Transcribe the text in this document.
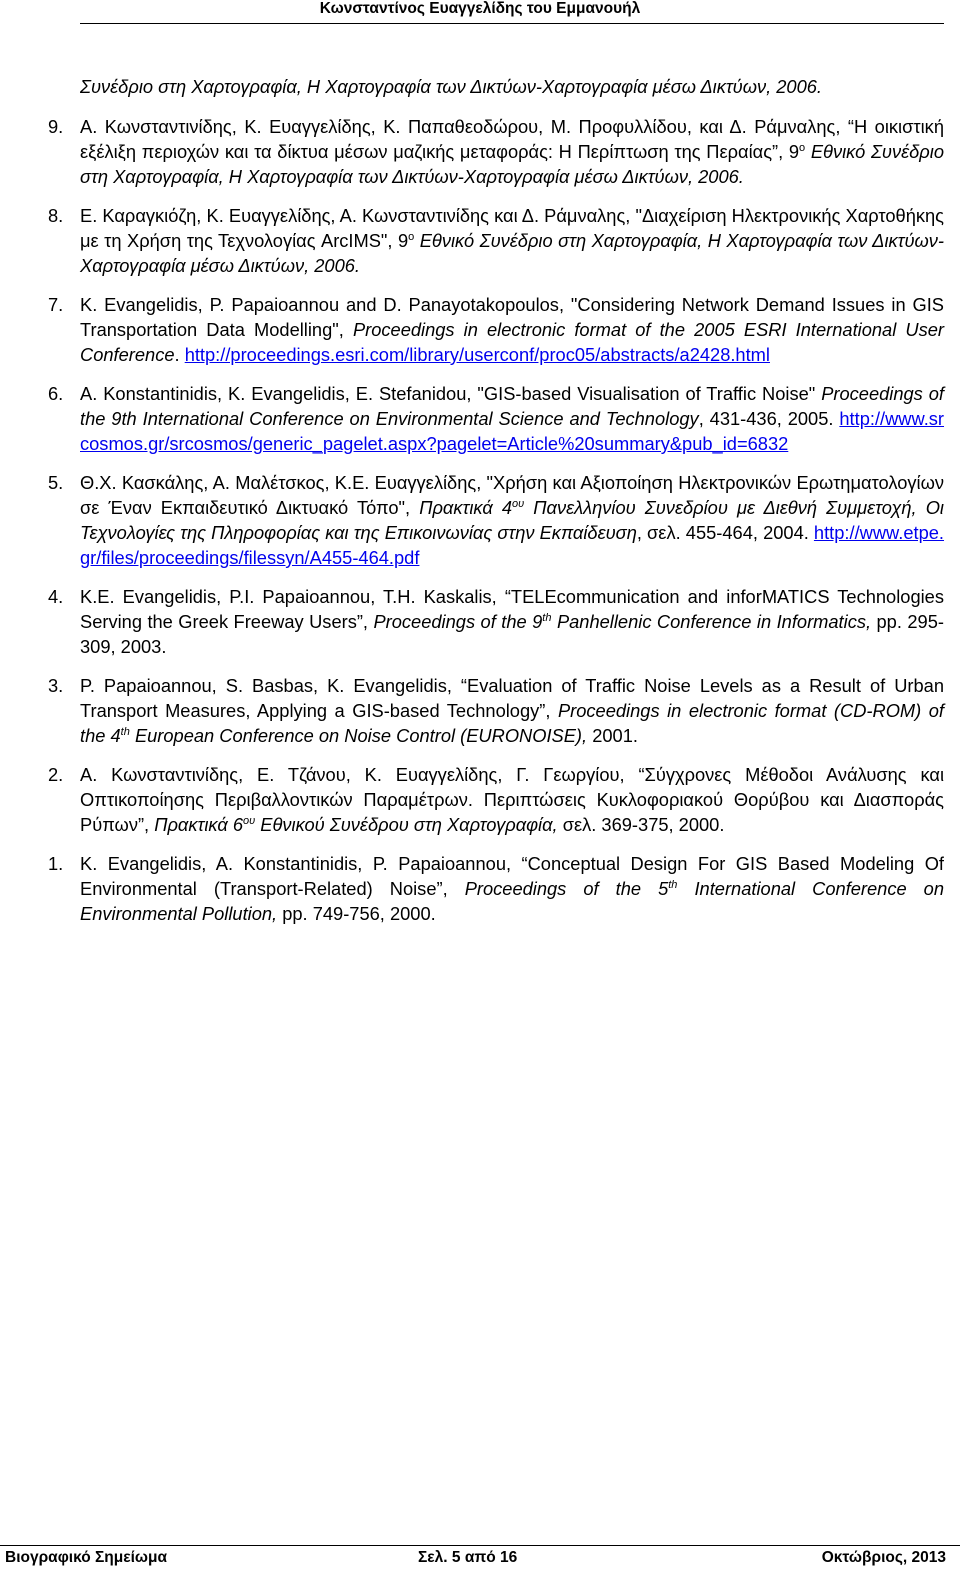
Κωνσταντίνος Ευαγγελίδης του Εμμανουήλ

Συνέδριο στη Χαρτογραφία, Η Χαρτογραφία των Δικτύων-Χαρτογραφία μέσω Δικτύων, 2006.

9. Α. Κωνσταντινίδης, Κ. Ευαγγελίδης, Κ. Παπαθεοδώρου, Μ. Προφυλλίδου, και Δ. Ράμναλης, “Η οικιστική εξέλιξη περιοχών και τα δίκτυα μέσων μαζικής μεταφοράς: Η Περίπτωση της Περαίας”, $9^o$ Εθνικό Συνέδριο στη Χαρτογραφία, Η Χαρτογραφία των Δικτύων-Χαρτογραφία μέσω Δικτύων, 2006.

8. Ε. Καραγκιόζη, Κ. Ευαγγελίδης, Α. Κωνσταντινίδης και Δ. Ράμναλης, "Διαχείριση Ηλεκτρονικής Χαρτοθήκης με τη Χρήση της Τεχνολογίας ArcIMS", $9^o$ Εθνικό Συνέδριο στη Χαρτογραφία, Η Χαρτογραφία των Δικτύων-Χαρτογραφία μέσω Δικτύων, 2006.

7. K. Evangelidis, P. Papaioannou and D. Panayotakopoulos, "Considering Network Demand Issues in GIS Transportation Data Modelling", Proceedings in electronic format of the 2005 ESRI International User Conference. http://proceedings.esri.com/library/userconf/proc05/abstracts/a2428.html

6. A. Konstantinidis, K. Evangelidis, E. Stefanidou, "GIS-based Visualisation of Traffic Noise" Proceedings of the 9th International Conference on Environmental Science and Technology, 431-436, 2005. http://www.srcosmos.gr/srcosmos/generic_pagelet.aspx?pagelet=Article%20summary&pub_id=6832

5. Θ.Χ. Κασκάλης, Α. Μαλέτσκος, Κ.Ε. Ευαγγελίδης, "Χρήση και Αξιοποίηση Ηλεκτρονικών Ερωτηματολογίων σε Έναν Εκπαιδευτικό Δικτυακό Τόπο", Πρακτικά $4^{o\upsilon}$ Πανελληνίου Συνεδρίου με Διεθνή Συμμετοχή, Οι Τεχνολογίες της Πληροφορίας και της Επικοινωνίας στην Εκπαίδευση, σελ. 455-464, 2004. http://www.etpe.gr/files/proceedings/filessyn/A455-464.pdf

4. K.E. Evangelidis, P.I. Papaioannou, T.H. Kaskalis, “TELEcommunication and inforMATICS Technologies Serving the Greek Freeway Users”, Proceedings of the 9th Panhellenic Conference in Informatics, pp. 295-309, 2003.

3. P. Papaioannou, S. Basbas, K. Evangelidis, “Evaluation of Traffic Noise Levels as a Result of Urban Transport Measures, Applying a GIS-based Technology”, Proceedings in electronic format (CD-ROM) of the 4th European Conference on Noise Control (EURONOISE), 2001.

2. Α. Κωνσταντινίδης, Ε. Τζάνου, Κ. Ευαγγελίδης, Γ. Γεωργίου, “Σύγχρονες Μέθοδοι Ανάλυσης και Οπτικοποίησης Περιβαλλοντικών Παραμέτρων. Περιπτώσεις Κυκλοφοριακού Θορύβου και Διασποράς Ρύπων”, Πρακτικά $6^{o\upsilon}$ Εθνικού Συνέδρου στη Χαρτογραφία, σελ. 369-375, 2000.

1. K. Evangelidis, A. Konstantinidis, P. Papaioannou, “Conceptual Design For GIS Based Modeling Of Environmental (Transport-Related) Noise”, Proceedings of the 5th International Conference on Environmental Pollution, pp. 749-756, 2000.

Βιογραφικό Σημείωμα	Σελ. 5 από 16	Οκτώβριος, 2013
